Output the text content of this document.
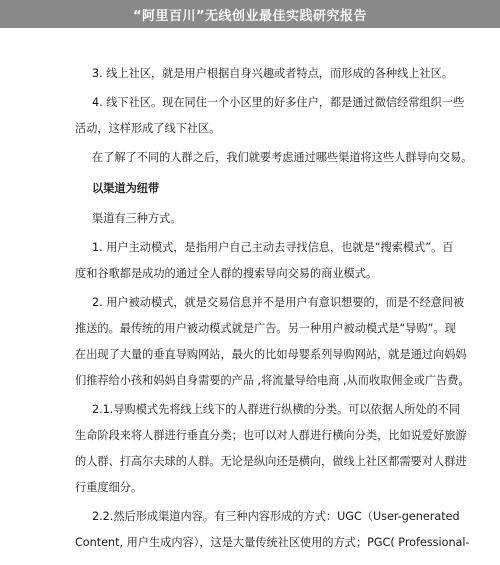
3. 线上社区，就是用户根据自身兴趣或者特点，而形成的各种线上社区。
4. 线下社区。现在同住一个小区里的好多住户，都是通过微信经常组织一些
活动，这样形成了线下社区。
在了解了不同的人群之后，我们就要考虑通过哪些渠道将这些人群导向交易。
以渠道为纽带
渠道有三种方式。
1. 用户主动模式，是指用户自己主动去寻找信息，也就是“搜索模式”。百
度和谷歌都是成功的通过全人群的搜索导向交易的商业模式。
2. 用户被动模式，就是交易信息并不是用户有意识想要的，而是不经意间被
推送的。最传统的用户被动模式就是广告。另一种用户被动模式是“导购”。现
在出现了大量的垂直导购网站，最火的比如母婴系列导购网站，就是通过向妈妈
们推荐给小孩和妈妈自身需要的产品 ,将流量导给电商 ,从而收取佣金或广告费。
2.1.导购模式先将线上线下的人群进行纵横的分类。可以依据人所处的不同
生命阶段来将人群进行垂直分类；也可以对人群进行横向分类，比如说爱好旅游
的人群、打高尔夫球的人群。无论是纵向还是横向，做线上社区都需要对人群进
行重度细分。
2.2.然后形成渠道内容。有三种内容形成的方式：UGC（User-generated
Content, 用户生成内容），这是大量传统社区使用的方式；PGC( Professional-
“阿里百川”无线创业最佳实践研究报告
